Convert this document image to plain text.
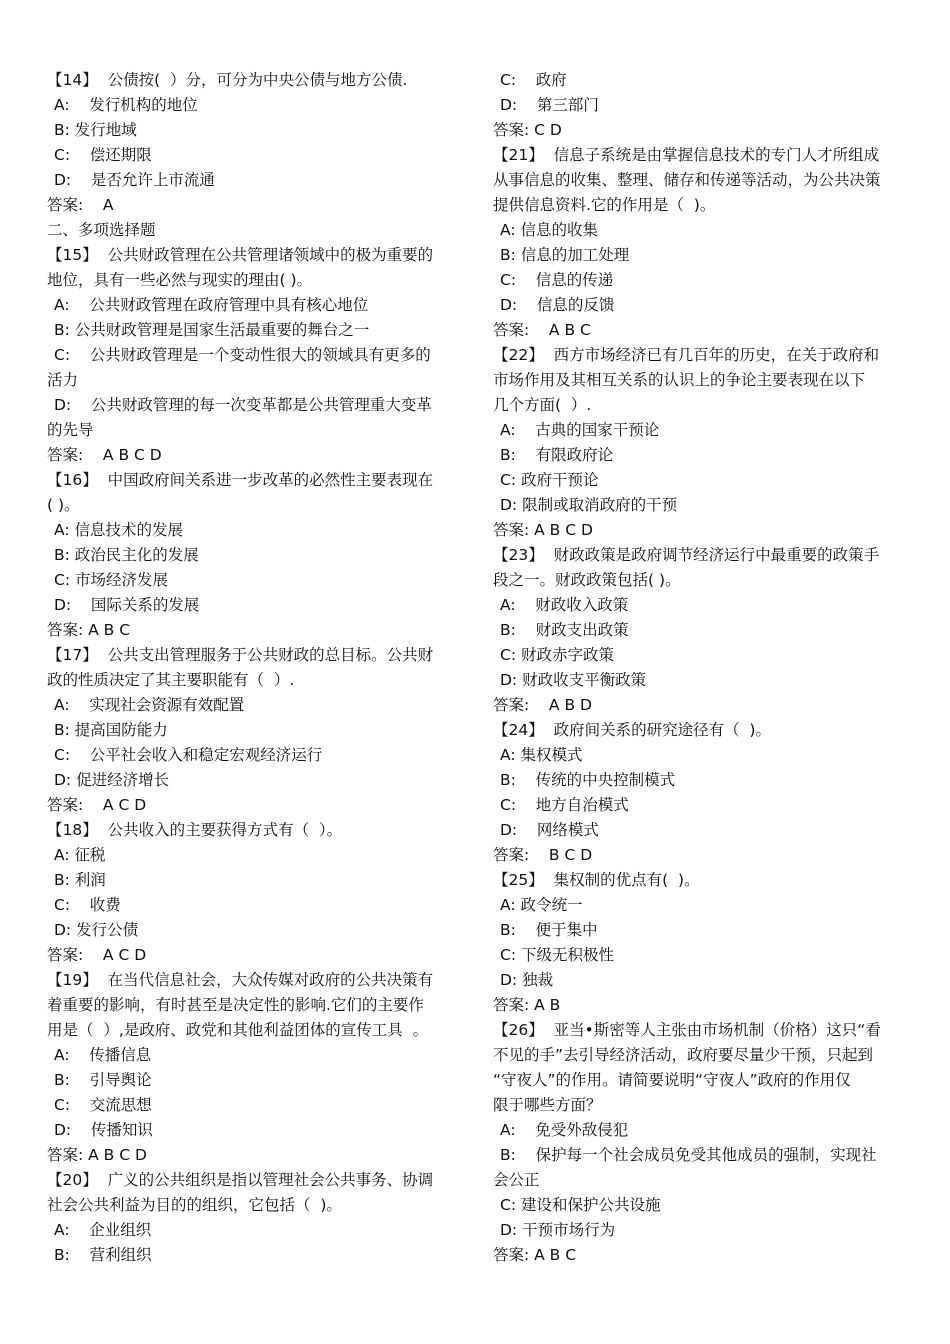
【14】  公债按(  ）分，可分为中央公债与地方公债.
A:    发行机构的地位
B: 发行地域
C:    偿还期限
D:    是否允许上市流通
答案:    A
二、多项选择题
【15】  公共财政管理在公共管理诸领域中的极为重要的
地位，具有一些必然与现实的理由( )。
A:    公共财政管理在政府管理中具有核心地位
B: 公共财政管理是国家生活最重要的舞台之一
C:    公共财政管理是一个变动性很大的领域具有更多的
活力
D:    公共财政管理的每一次变革都是公共管理重大变革
的先导
答案:    A B C D
【16】  中国政府间关系进一步改革的必然性主要表现在
( )。
A: 信息技术的发展
B: 政治民主化的发展
C: 市场经济发展
D:    国际关系的发展
答案: A B C
【17】  公共支出管理服务于公共财政的总目标。公共财
政的性质决定了其主要职能有（  ）.
A:    实现社会资源有效配置
B: 提高国防能力
C:    公平社会收入和稳定宏观经济运行
D: 促进经济增长
答案:    A C D
【18】  公共收入的主要获得方式有（  ）。
A: 征税
B: 利润
C:    收费
D: 发行公债
答案:    A C D
【19】  在当代信息社会，大众传媒对政府的公共决策有
着重要的影响，有时甚至是决定性的影响.它们的主要作
用是（  ）,是政府、政党和其他利益团体的宣传工具  。
A:    传播信息
B:    引导舆论
C:    交流思想
D:    传播知识
答案: A B C D
【20】  广义的公共组织是指以管理社会公共事务、协调
社会公共利益为目的的组织，它包括（  )。
A:    企业组织
B:    营利组织
C:    政府
D:    第三部门
答案: C D
【21】  信息子系统是由掌握信息技术的专门人才所组成
从事信息的收集、整理、储存和传递等活动，为公共决策
提供信息资料.它的作用是（  )。
A: 信息的收集
B: 信息的加工处理
C:    信息的传递
D:    信息的反馈
答案:    A B C
【22】  西方市场经济已有几百年的历史，在关于政府和
市场作用及其相互关系的认识上的争论主要表现在以下
几个方面(  ）.
A:    古典的国家干预论
B:    有限政府论
C: 政府干预论
D: 限制或取消政府的干预
答案: A B C D
【23】  财政政策是政府调节经济运行中最重要的政策手
段之一。财政政策包括( )。
A:    财政收入政策
B:    财政支出政策
C: 财政赤字政策
D: 财政收支平衡政策
答案:    A B D
【24】  政府间关系的研究途径有（  )。
A: 集权模式
B:    传统的中央控制模式
C:    地方自治模式
D:    网络模式
答案:    B C D
【25】  集权制的优点有(  )。
A: 政令统一
B:    便于集中
C: 下级无积极性
D: 独裁
答案: A B
【26】  亚当•斯密等人主张由市场机制（价格）这只“看
不见的手”去引导经济活动，政府要尽量少干预，只起到
“守夜人”的作用。请简要说明“守夜人”政府的作用仅
限于哪些方面？
A:    免受外敌侵犯
B:    保护每一个社会成员免受其他成员的强制，实现社
会公正
C: 建设和保护公共设施
D: 干预市场行为
答案: A B C
